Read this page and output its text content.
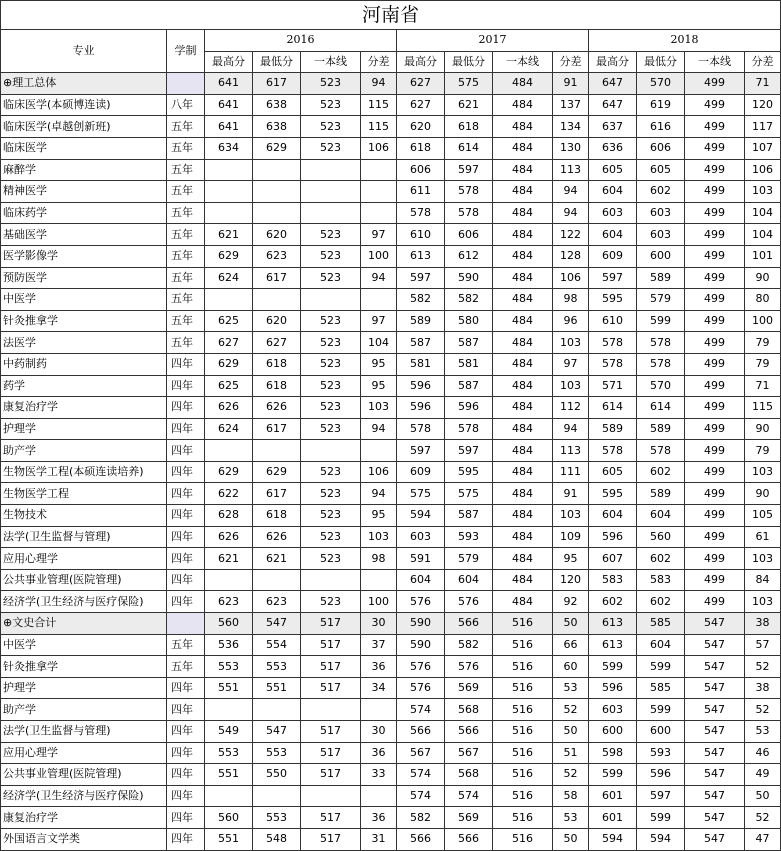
河南省													
专业	学制	2016				2017				2018			
		最高分	最低分	一本线	分差	最高分	最低分	一本线	分差	最高分	最低分	一本线	分差
⊕理工总体		641	617	523	94	627	575	484	91	647	570	499	71
临床医学(本硕博连读)	八年	641	638	523	115	627	621	484	137	647	619	499	120
临床医学(卓越创新班)	五年	641	638	523	115	620	618	484	134	637	616	499	117
临床医学	五年	634	629	523	106	618	614	484	130	636	606	499	107
麻醉学	五年					606	597	484	113	605	605	499	106
精神医学	五年					611	578	484	94	604	602	499	103
临床药学	五年					578	578	484	94	603	603	499	104
基础医学	五年	621	620	523	97	610	606	484	122	604	603	499	104
医学影像学	五年	629	623	523	100	613	612	484	128	609	600	499	101
预防医学	五年	624	617	523	94	597	590	484	106	597	589	499	90
中医学	五年					582	582	484	98	595	579	499	80
针灸推拿学	五年	625	620	523	97	589	580	484	96	610	599	499	100
法医学	五年	627	627	523	104	587	587	484	103	578	578	499	79
中药制药	四年	629	618	523	95	581	581	484	97	578	578	499	79
药学	四年	625	618	523	95	596	587	484	103	571	570	499	71
康复治疗学	四年	626	626	523	103	596	596	484	112	614	614	499	115
护理学	四年	624	617	523	94	578	578	484	94	589	589	499	90
助产学	四年					597	597	484	113	578	578	499	79
生物医学工程(本硕连读培养)	四年	629	629	523	106	609	595	484	111	605	602	499	103
生物医学工程	四年	622	617	523	94	575	575	484	91	595	589	499	90
生物技术	四年	628	618	523	95	594	587	484	103	604	604	499	105
法学(卫生监督与管理)	四年	626	626	523	103	603	593	484	109	596	560	499	61
应用心理学	四年	621	621	523	98	591	579	484	95	607	602	499	103
公共事业管理(医院管理)	四年					604	604	484	120	583	583	499	84
经济学(卫生经济与医疗保险)	四年	623	623	523	100	576	576	484	92	602	602	499	103
⊕文史合计		560	547	517	30	590	566	516	50	613	585	547	38
中医学	五年	536	554	517	37	590	582	516	66	613	604	547	57
针灸推拿学	五年	553	553	517	36	576	576	516	60	599	599	547	52
护理学	四年	551	551	517	34	576	569	516	53	596	585	547	38
助产学	四年					574	568	516	52	603	599	547	52
法学(卫生监督与管理)	四年	549	547	517	30	566	566	516	50	600	600	547	53
应用心理学	四年	553	553	517	36	567	567	516	51	598	593	547	46
公共事业管理(医院管理)	四年	551	550	517	33	574	568	516	52	599	596	547	49
经济学(卫生经济与医疗保险)	四年					574	574	516	58	601	597	547	50
康复治疗学	四年	560	553	517	36	582	569	516	53	601	599	547	52
外国语言文学类	四年	551	548	517	31	566	566	516	50	594	594	547	47
